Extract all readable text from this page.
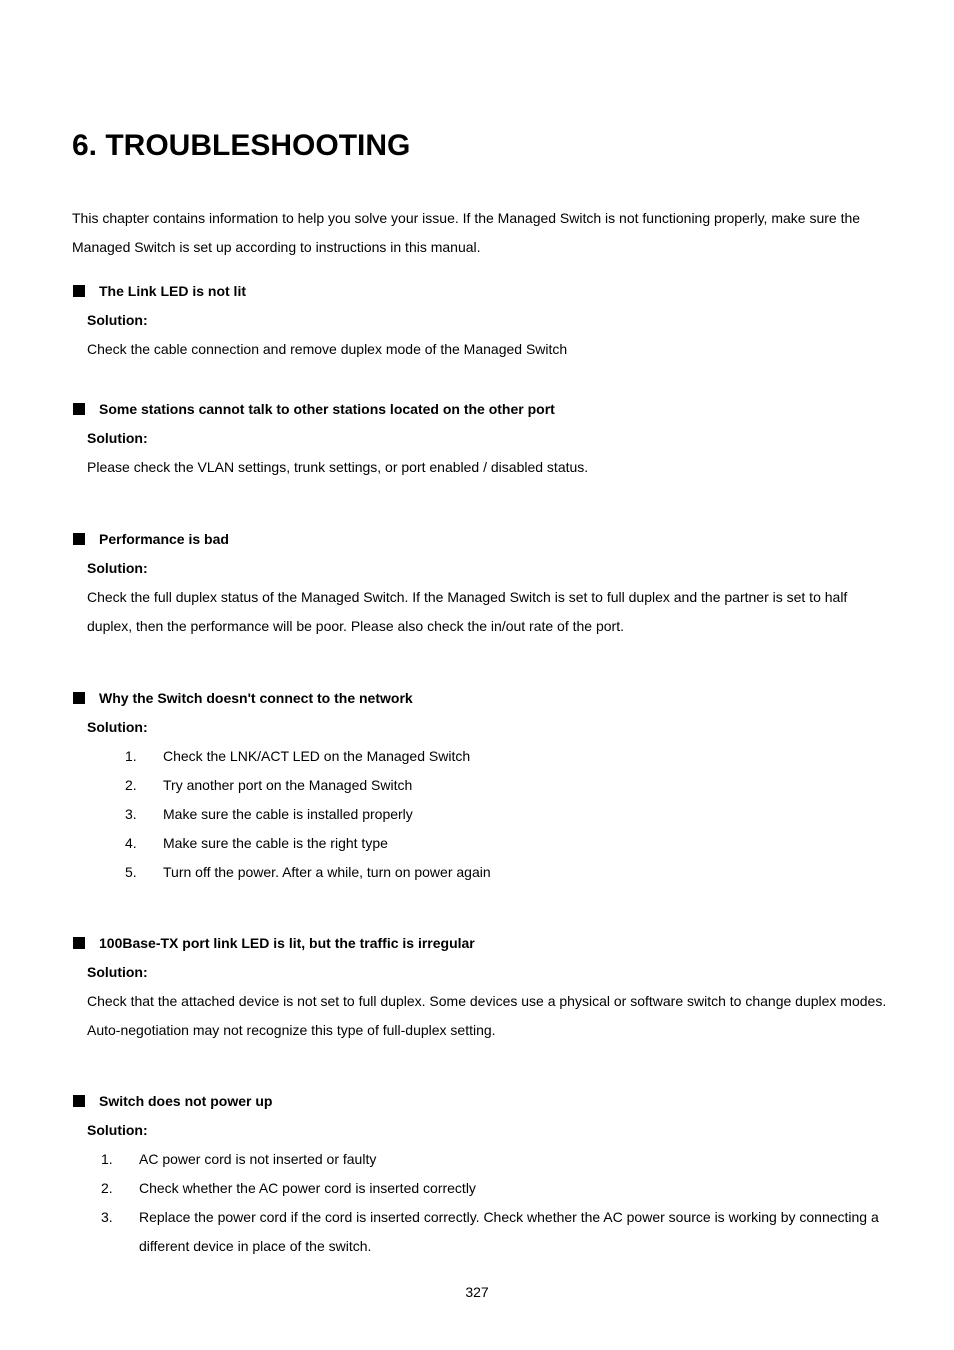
6. TROUBLESHOOTING

This chapter contains information to help you solve your issue. If the Managed Switch is not functioning properly, make sure the Managed Switch is set up according to instructions in this manual.

The Link LED is not lit
Solution:
Check the cable connection and remove duplex mode of the Managed Switch
Some stations cannot talk to other stations located on the other port
Solution:
Please check the VLAN settings, trunk settings, or port enabled / disabled status.
Performance is bad
Solution:
Check the full duplex status of the Managed Switch. If the Managed Switch is set to full duplex and the partner is set to half duplex, then the performance will be poor. Please also check the in/out rate of the port.
Why the Switch doesn't connect to the network
Solution:
1. Check the LNK/ACT LED on the Managed Switch
2. Try another port on the Managed Switch
3. Make sure the cable is installed properly
4. Make sure the cable is the right type
5. Turn off the power. After a while, turn on power again
100Base-TX port link LED is lit, but the traffic is irregular
Solution:
Check that the attached device is not set to full duplex. Some devices use a physical or software switch to change duplex modes. Auto-negotiation may not recognize this type of full-duplex setting.
Switch does not power up
Solution:
1. AC power cord is not inserted or faulty
2. Check whether the AC power cord is inserted correctly
3. Replace the power cord if the cord is inserted correctly. Check whether the AC power source is working by connecting a different device in place of the switch.
327
